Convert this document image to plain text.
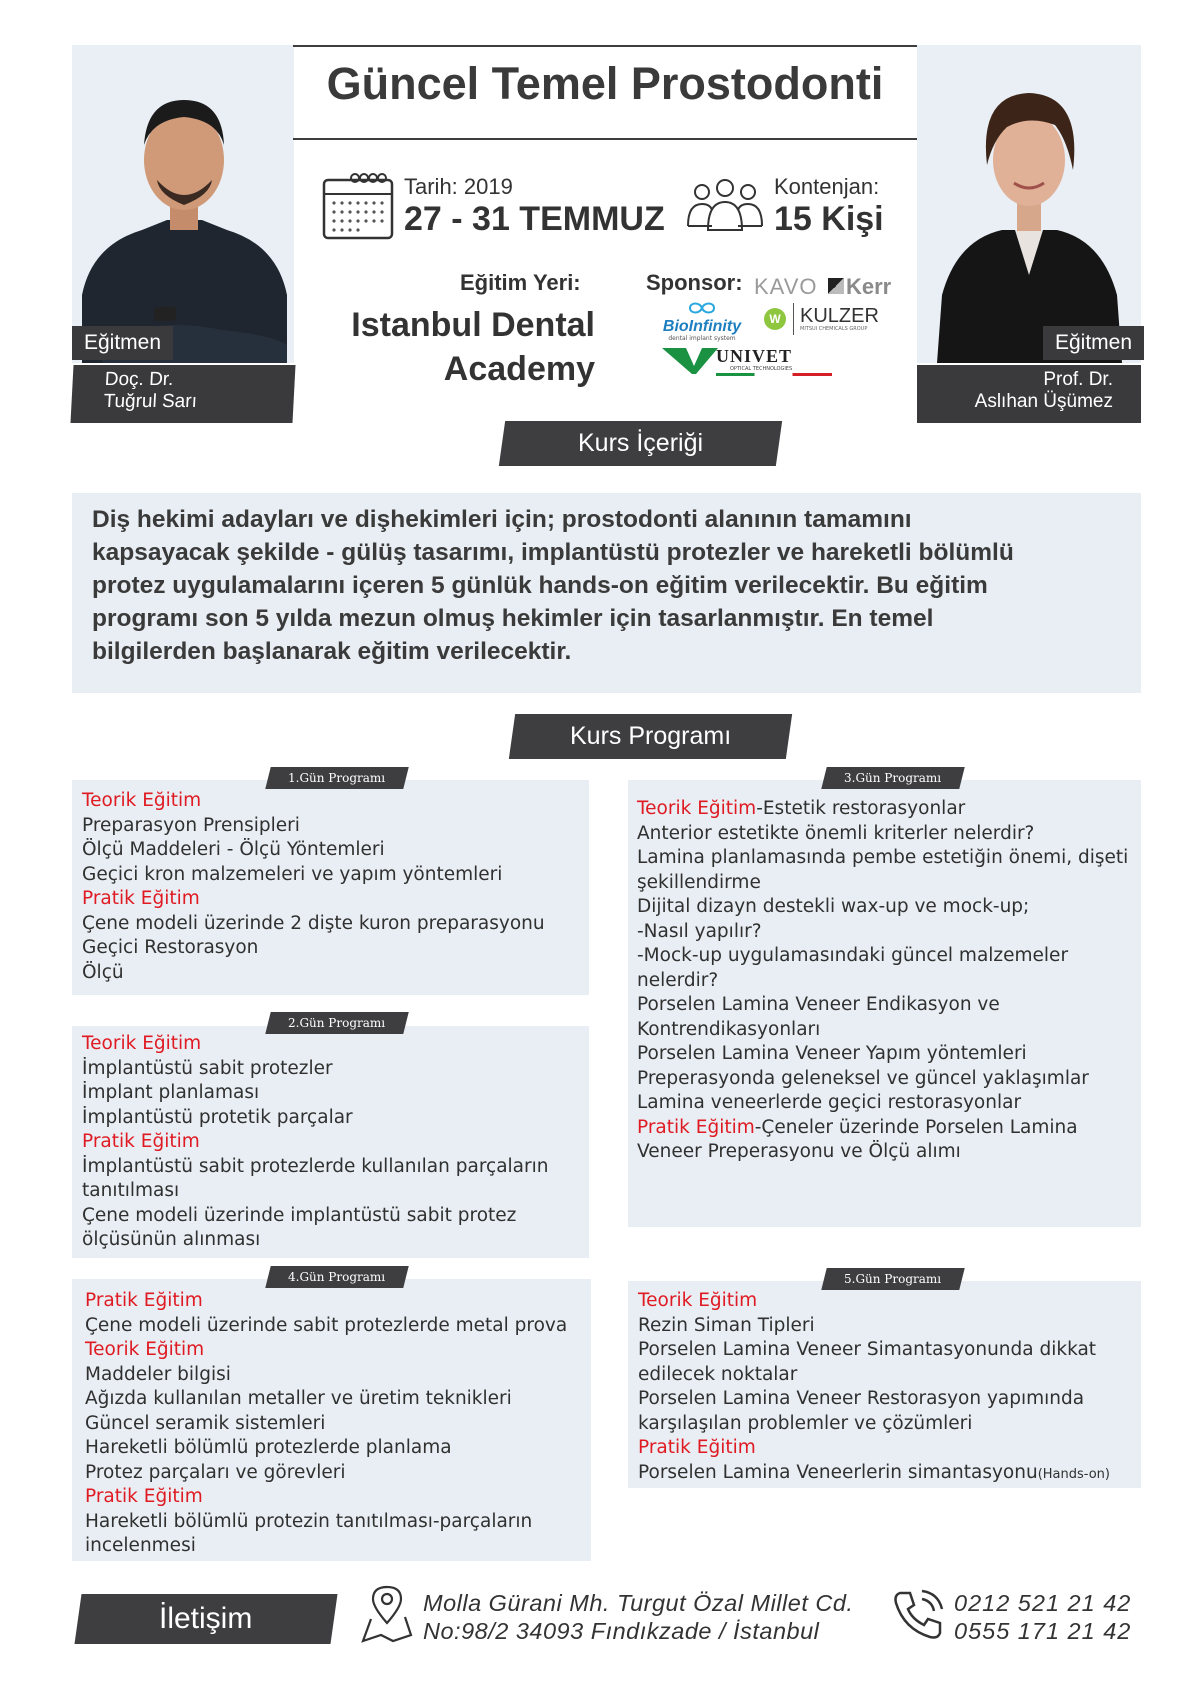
Eğitmen
Doç. Dr.
Tuğrul Sarı
Eğitmen
Prof. Dr.
Aslıhan Üşümez
Güncel Temel Prostodonti
Tarih: 2019
27 - 31 TEMMUZ
Kontenjan:
15 Kişi
Eğitim Yeri:
Istanbul Dental
Academy
Sponsor: KAVO Kerr
BioInfinity
dental implant system
W KULZER
MITSUI CHEMICALS GROUP
UNIVET
OPTICAL TECHNOLOGIES
Kurs İçeriği
Diş hekimi adayları ve dişhekimleri için; prostodonti alanının tamamını
kapsayacak şekilde - gülüş tasarımı, implantüstü protezler ve hareketli bölümlü
protez uygulamalarını içeren 5 günlük hands-on eğitim verilecektir. Bu eğitim
programı son 5 yılda mezun olmuş hekimler için tasarlanmıştır. En temel
bilgilerden başlanarak eğitim verilecektir.
Kurs Programı
1.Gün Programı
Teorik Eğitim
Preparasyon Prensipleri
Ölçü Maddeleri - Ölçü Yöntemleri
Geçici kron malzemeleri ve yapım yöntemleri
Pratik Eğitim
Çene modeli üzerinde 2 dişte kuron preparasyonu
Geçici Restorasyon
Ölçü
2.Gün Programı
Teorik Eğitim
İmplantüstü sabit protezler
İmplant planlaması
İmplantüstü protetik parçalar
Pratik Eğitim
İmplantüstü sabit protezlerde kullanılan parçaların
tanıtılması
Çene modeli üzerinde implantüstü sabit protez
ölçüsünün alınması
3.Gün Programı
Teorik Eğitim-Estetik restorasyonlar
Anterior estetikte önemli kriterler nelerdir?
Lamina planlamasında pembe estetiğin önemi, dişeti
şekillendirme
Dijital dizayn destekli wax-up ve mock-up;
-Nasıl yapılır?
-Mock-up uygulamasındaki güncel malzemeler
nelerdir?
Porselen Lamina Veneer Endikasyon ve
Kontrendikasyonları
Porselen Lamina Veneer Yapım yöntemleri
Preperasyonda geleneksel ve güncel yaklaşımlar
Lamina veneerlerde geçici restorasyonlar
Pratik Eğitim-Çeneler üzerinde Porselen Lamina
Veneer Preperasyonu ve Ölçü alımı
4.Gün Programı
Pratik Eğitim
Çene modeli üzerinde sabit protezlerde metal prova
Teorik Eğitim
Maddeler bilgisi
Ağızda kullanılan metaller ve üretim teknikleri
Güncel seramik sistemleri
Hareketli bölümlü protezlerde planlama
Protez parçaları ve görevleri
Pratik Eğitim
Hareketli bölümlü protezin tanıtılması-parçaların
incelenmesi
5.Gün Programı
Teorik Eğitim
Rezin Siman Tipleri
Porselen Lamina Veneer Simantasyonunda dikkat
edilecek noktalar
Porselen Lamina Veneer Restorasyon yapımında
karşılaşılan problemler ve çözümleri
Pratik Eğitim
Porselen Lamina Veneerlerin simantasyonu(Hands-on)
İletişim	Molla Gürani Mh. Turgut Özal Millet Cd.
No:98/2 34093 Fındıkzade / İstanbul
0212 521 21 42
0555 171 21 42
